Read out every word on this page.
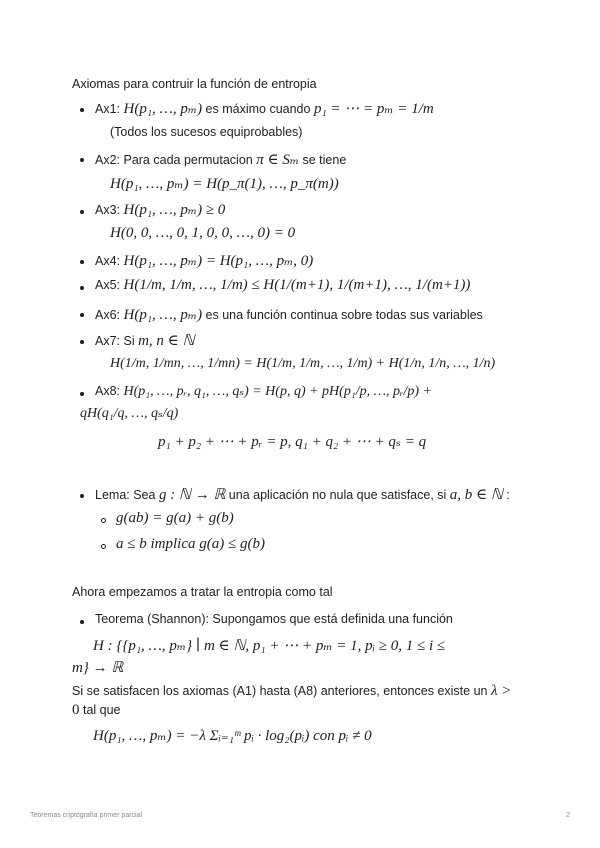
Axiomas para contruir la función de entropia
Ax1: H(p₁, …, pₘ) es máximo cuando p₁ = ⋯ = pₘ = 1/m
(Todos los sucesos equiprobables)
Ax2: Para cada permutacion π ∈ Sₘ se tiene
H(p₁, …, pₘ) = H(p_π(1), …, p_π(m))
Ax3: H(p₁, …, pₘ) ≥ 0
H(0, 0, …, 0, 1, 0, 0, …, 0) = 0
Ax4: H(p₁, …, pₘ) = H(p₁, …, pₘ, 0)
Ax5: H(1/m, 1/m, …, 1/m) ≤ H(1/(m+1), 1/(m+1), …, 1/(m+1))
Ax6: H(p₁, …, pₘ) es una función continua sobre todas sus variables
Ax7: Si m, n ∈ ℕ
H(1/m, 1/mn, …, 1/mn) = H(1/m, 1/m, …, 1/m) + H(1/n, 1/n, …, 1/n)
Ax8: H(p₁, …, pᵣ, q₁, …, qₛ) = H(p, q) + pH(p₁/p, …, pᵣ/p) +
qH(q₁/q, …, qₛ/q)
p₁ + p₂ + ⋯ + pᵣ = p, q₁ + q₂ + ⋯ + qₛ = q
Lema: Sea g : ℕ → ℝ una aplicación no nula que satisface, si a, b ∈ ℕ :
g(ab) = g(a) + g(b)
a ≤ b implica g(a) ≤ g(b)
Ahora empezamos a tratar la entropia como tal
Teorema (Shannon): Supongamos que está definida una función
H : {{p₁, …, pₘ} ∣ m ∈ ℕ, p₁ + ⋯ + pₘ = 1, pᵢ ≥ 0, 1 ≤ i ≤
m} → ℝ
Si se satisfacen los axiomas (A1) hasta (A8) anteriores, entonces existe un λ >
0 tal que
H(p₁, …, pₘ) = −λ Σᵢ₌₁ᵐ pᵢ · log₂(pᵢ) con pᵢ ≠ 0
Teoremas criptografía primer parcial	2
